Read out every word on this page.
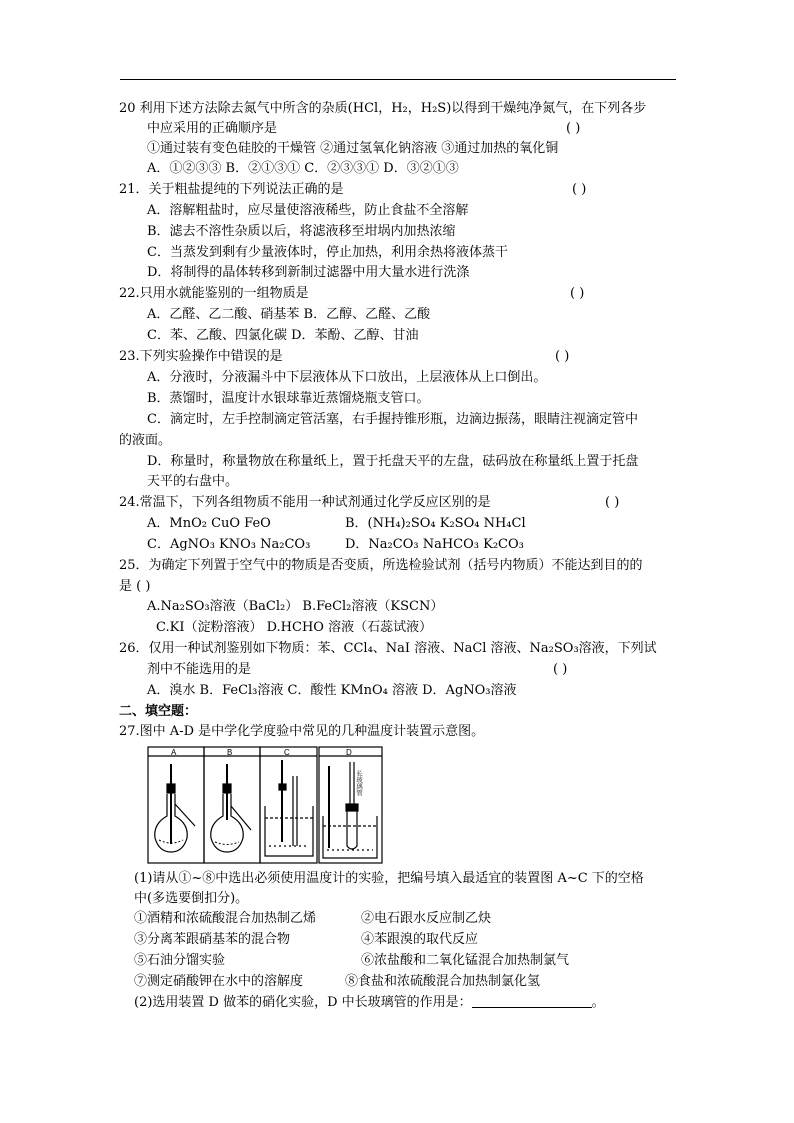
20 利用下述方法除去氮气中所含的杂质(HCl，H₂，H₂S)以得到干燥纯净氮气，在下列各步
中应采用的正确顺序是	( )
①通过装有变色硅胶的干燥管 ②通过氢氧化钠溶液 ③通过加热的氧化铜
A．①②③③ B．②①③① C．②③③① D．③②①③
21．关于粗盐提纯的下列说法正确的是	( )
A．溶解粗盐时，应尽量使溶液稀些，防止食盐不全溶解
B．滤去不溶性杂质以后，将滤液移至坩埚内加热浓缩
C．当蒸发到剩有少量液体时，停止加热，利用余热将液体蒸干
D．将制得的晶体转移到新制过滤器中用大量水进行洗涤
22.只用水就能鉴别的一组物质是	( )
A．乙醛、乙二酸、硝基苯 B．乙醇、乙醛、乙酸
C．苯、乙酸、四氯化碳 D．苯酚、乙醇、甘油
23.下列实验操作中错误的是	( )
A．分液时，分液漏斗中下层液体从下口放出，上层液体从上口倒出。
B．蒸馏时，温度计水银球靠近蒸馏烧瓶支管口。
C．滴定时，左手控制滴定管活塞，右手握持锥形瓶，边滴边振荡，眼睛注视滴定管中
的液面。
D．称量时，称量物放在称量纸上，置于托盘天平的左盘，砝码放在称量纸上置于托盘
天平的右盘中。
24.常温下，下列各组物质不能用一种试剂通过化学反应区别的是	( )
A．MnO₂ CuO FeO	B．(NH₄)₂SO₄ K₂SO₄ NH₄Cl
C．AgNO₃ KNO₃ Na₂CO₃	D．Na₂CO₃ NaHCO₃ K₂CO₃
25．为确定下列置于空气中的物质是否变质，所选检验试剂（括号内物质）不能达到目的的
是 ( )
A.Na₂SO₃溶液（BaCl₂） B.FeCl₂溶液（KSCN）
C.KI（淀粉溶液） D.HCHO 溶液（石蕊试液）
26．仅用一种试剂鉴别如下物质：苯、CCl₄、NaI 溶液、NaCl 溶液、Na₂SO₃溶液，下列试
剂中不能选用的是	( )
A．溴水 B．FeCl₃溶液 C．酸性 KMnO₄ 溶液 D．AgNO₃溶液
二、填空题：
27.图中 A-D 是中学化学度验中常见的几种温度计装置示意图。
A	B	C	D
长玻璃管
(1)请从①~⑧中选出必须使用温度计的实验，把编号填入最适宜的装置图 A~C 下的空格
中(多选要倒扣分)。
①酒精和浓硫酸混合加热制乙烯	②电石跟水反应制乙炔
③分离苯跟硝基苯的混合物	④苯跟溴的取代反应
⑤石油分馏实验	⑥浓盐酸和二氧化锰混合加热制氯气
⑦测定硝酸钾在水中的溶解度	⑧食盐和浓硫酸混合加热制氯化氢
(2)选用装置 D 做苯的硝化实验，D 中长玻璃管的作用是：	。
